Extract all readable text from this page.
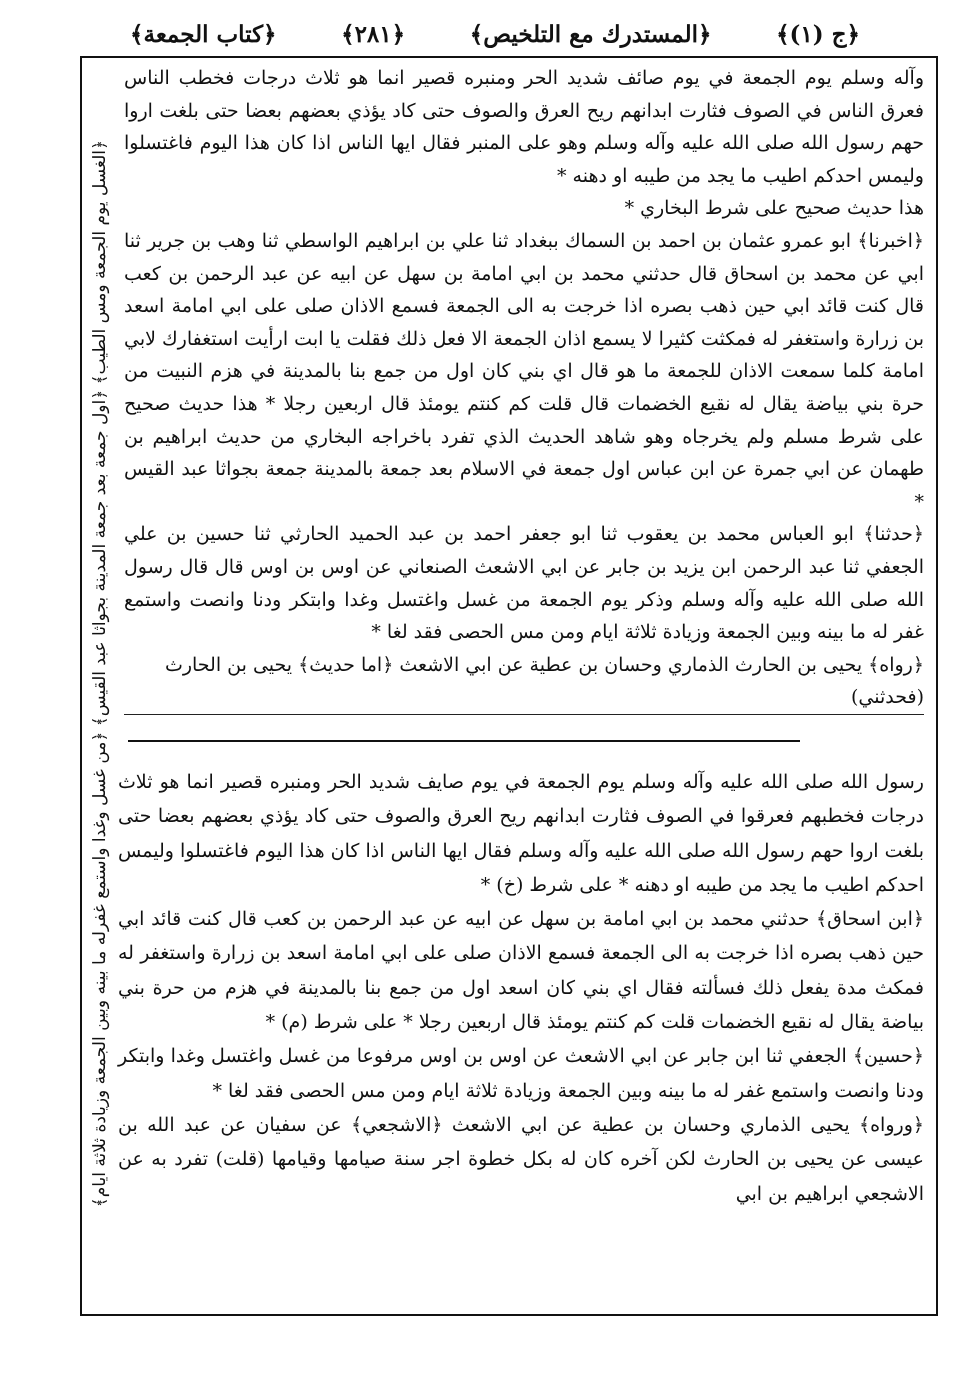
﴿ج (١)﴾
﴿المستدرك مع التلخيص﴾
﴿٢٨١﴾
﴿كتاب الجمعة﴾
﴿الغسل يوم الجمعة ومس الطيب﴾ ﴿اول جمعة بعد جمعة المدينة بجواثا عبد القيس﴾ ﴿من غسل وغدا واستمع غفرله ما بينه وبين الجمعة وزيادة ثلاثة ايام﴾

وآله وسلم يوم الجمعة في يوم صائف شديد الحر ومنبره قصير انما هو ثلاث درجات فخطب الناس فعرق الناس في الصوف فثارت ابدانهم ريح العرق والصوف حتى كاد يؤذي بعضهم بعضا حتى بلغت اروا حهم رسول الله صلى الله عليه وآله وسلم وهو على المنبر فقال ايها الناس اذا كان هذا اليوم فاغتسلوا وليمس احدكم اطيب ما يجد من طيبه او دهنه *

هذا حديث صحيح على شرط البخاري *

﴿اخبرنا﴾ ابو عمرو عثمان بن احمد بن السماك ببغداد ثنا علي بن ابراهيم الواسطي ثنا وهب بن جرير ثنا ابي عن محمد بن اسحاق قال حدثني محمد بن ابي امامة بن سهل عن ابيه عن عبد الرحمن بن كعب قال كنت قائد ابي حين ذهب بصره اذا خرجت به الى الجمعة فسمع الاذان صلى على ابي امامة اسعد بن زرارة واستغفر له فمكثت كثيرا لا يسمع اذان الجمعة الا فعل ذلك فقلت يا ابت ارأيت استغفارك لابي امامة كلما سمعت الاذان للجمعة ما هو قال اي بني كان اول من جمع بنا بالمدينة في هزم النبيت من حرة بني بياضة يقال له نقيع الخضمات قال قلت كم كنتم يومئذ قال اربعين رجلا * هذا حديث صحيح على شرط مسلم ولم يخرجاه وهو شاهد الحديث الذي تفرد باخراجه البخاري من حديث ابراهيم بن طهمان عن ابي جمرة عن ابن عباس اول جمعة في الاسلام بعد جمعة بالمدينة جمعة بجواثا عبد القيس *

﴿حدثنا﴾ ابو العباس محمد بن يعقوب ثنا ابو جعفر احمد بن عبد الحميد الحارثي ثنا حسين بن علي الجعفي ثنا عبد الرحمن ابن يزيد بن جابر عن ابي الاشعث الصنعاني عن اوس بن اوس قال قال رسول الله صلى الله عليه وآله وسلم وذكر يوم الجمعة من غسل واغتسل وغدا وابتكر ودنا وانصت واستمع غفر له ما بينه وبين الجمعة وزيادة ثلاثة ايام ومن مس الحصى فقد لغا *

﴿رواه﴾ يحيى بن الحارث الذماري وحسان بن عطية عن ابي الاشعث ﴿اما حديث﴾ يحيى بن الحارث (فحدثني)

رسول الله صلى الله عليه وآله وسلم يوم الجمعة في يوم صايف شديد الحر ومنبره قصير انما هو ثلاث درجات فخطبهم فعرقوا في الصوف فثارت ابدانهم ريح العرق والصوف حتى كاد يؤذي بعضهم بعضا حتى بلغت اروا حهم رسول الله صلى الله عليه وآله وسلم فقال ايها الناس اذا كان هذا اليوم فاغتسلوا وليمس احدكم اطيب ما يجد من طيبه او دهنه * على شرط (خ) *

﴿ابن اسحاق﴾ حدثني محمد بن ابي امامة بن سهل عن ابيه عن عبد الرحمن بن كعب قال كنت قائد ابي حين ذهب بصره اذا خرجت به الى الجمعة فسمع الاذان صلى على ابي امامة اسعد بن زرارة واستغفر له فمكث مدة يفعل ذلك فسألته فقال اي بني كان اسعد اول من جمع بنا بالمدينة في هزم من حرة بني بياضة يقال له نقيع الخضمات قلت كم كنتم يومئذ قال اربعين رجلا * على شرط (م) *

﴿حسين﴾ الجعفي ثنا ابن جابر عن ابي الاشعث عن اوس بن اوس مرفوعا من غسل واغتسل وغدا وابتكر ودنا وانصت واستمع غفر له ما بينه وبين الجمعة وزيادة ثلاثة ايام ومن مس الحصى فقد لغا *

﴿ورواه﴾ يحيى الذماري وحسان بن عطية عن ابي الاشعث ﴿الاشجعي﴾ عن سفيان عن عبد الله بن عيسى عن يحيى بن الحارث لكن آخره كان له بكل خطوة اجر سنة صيامها وقيامها (قلت) تفرد به عن الاشجعي ابراهيم بن ابي
